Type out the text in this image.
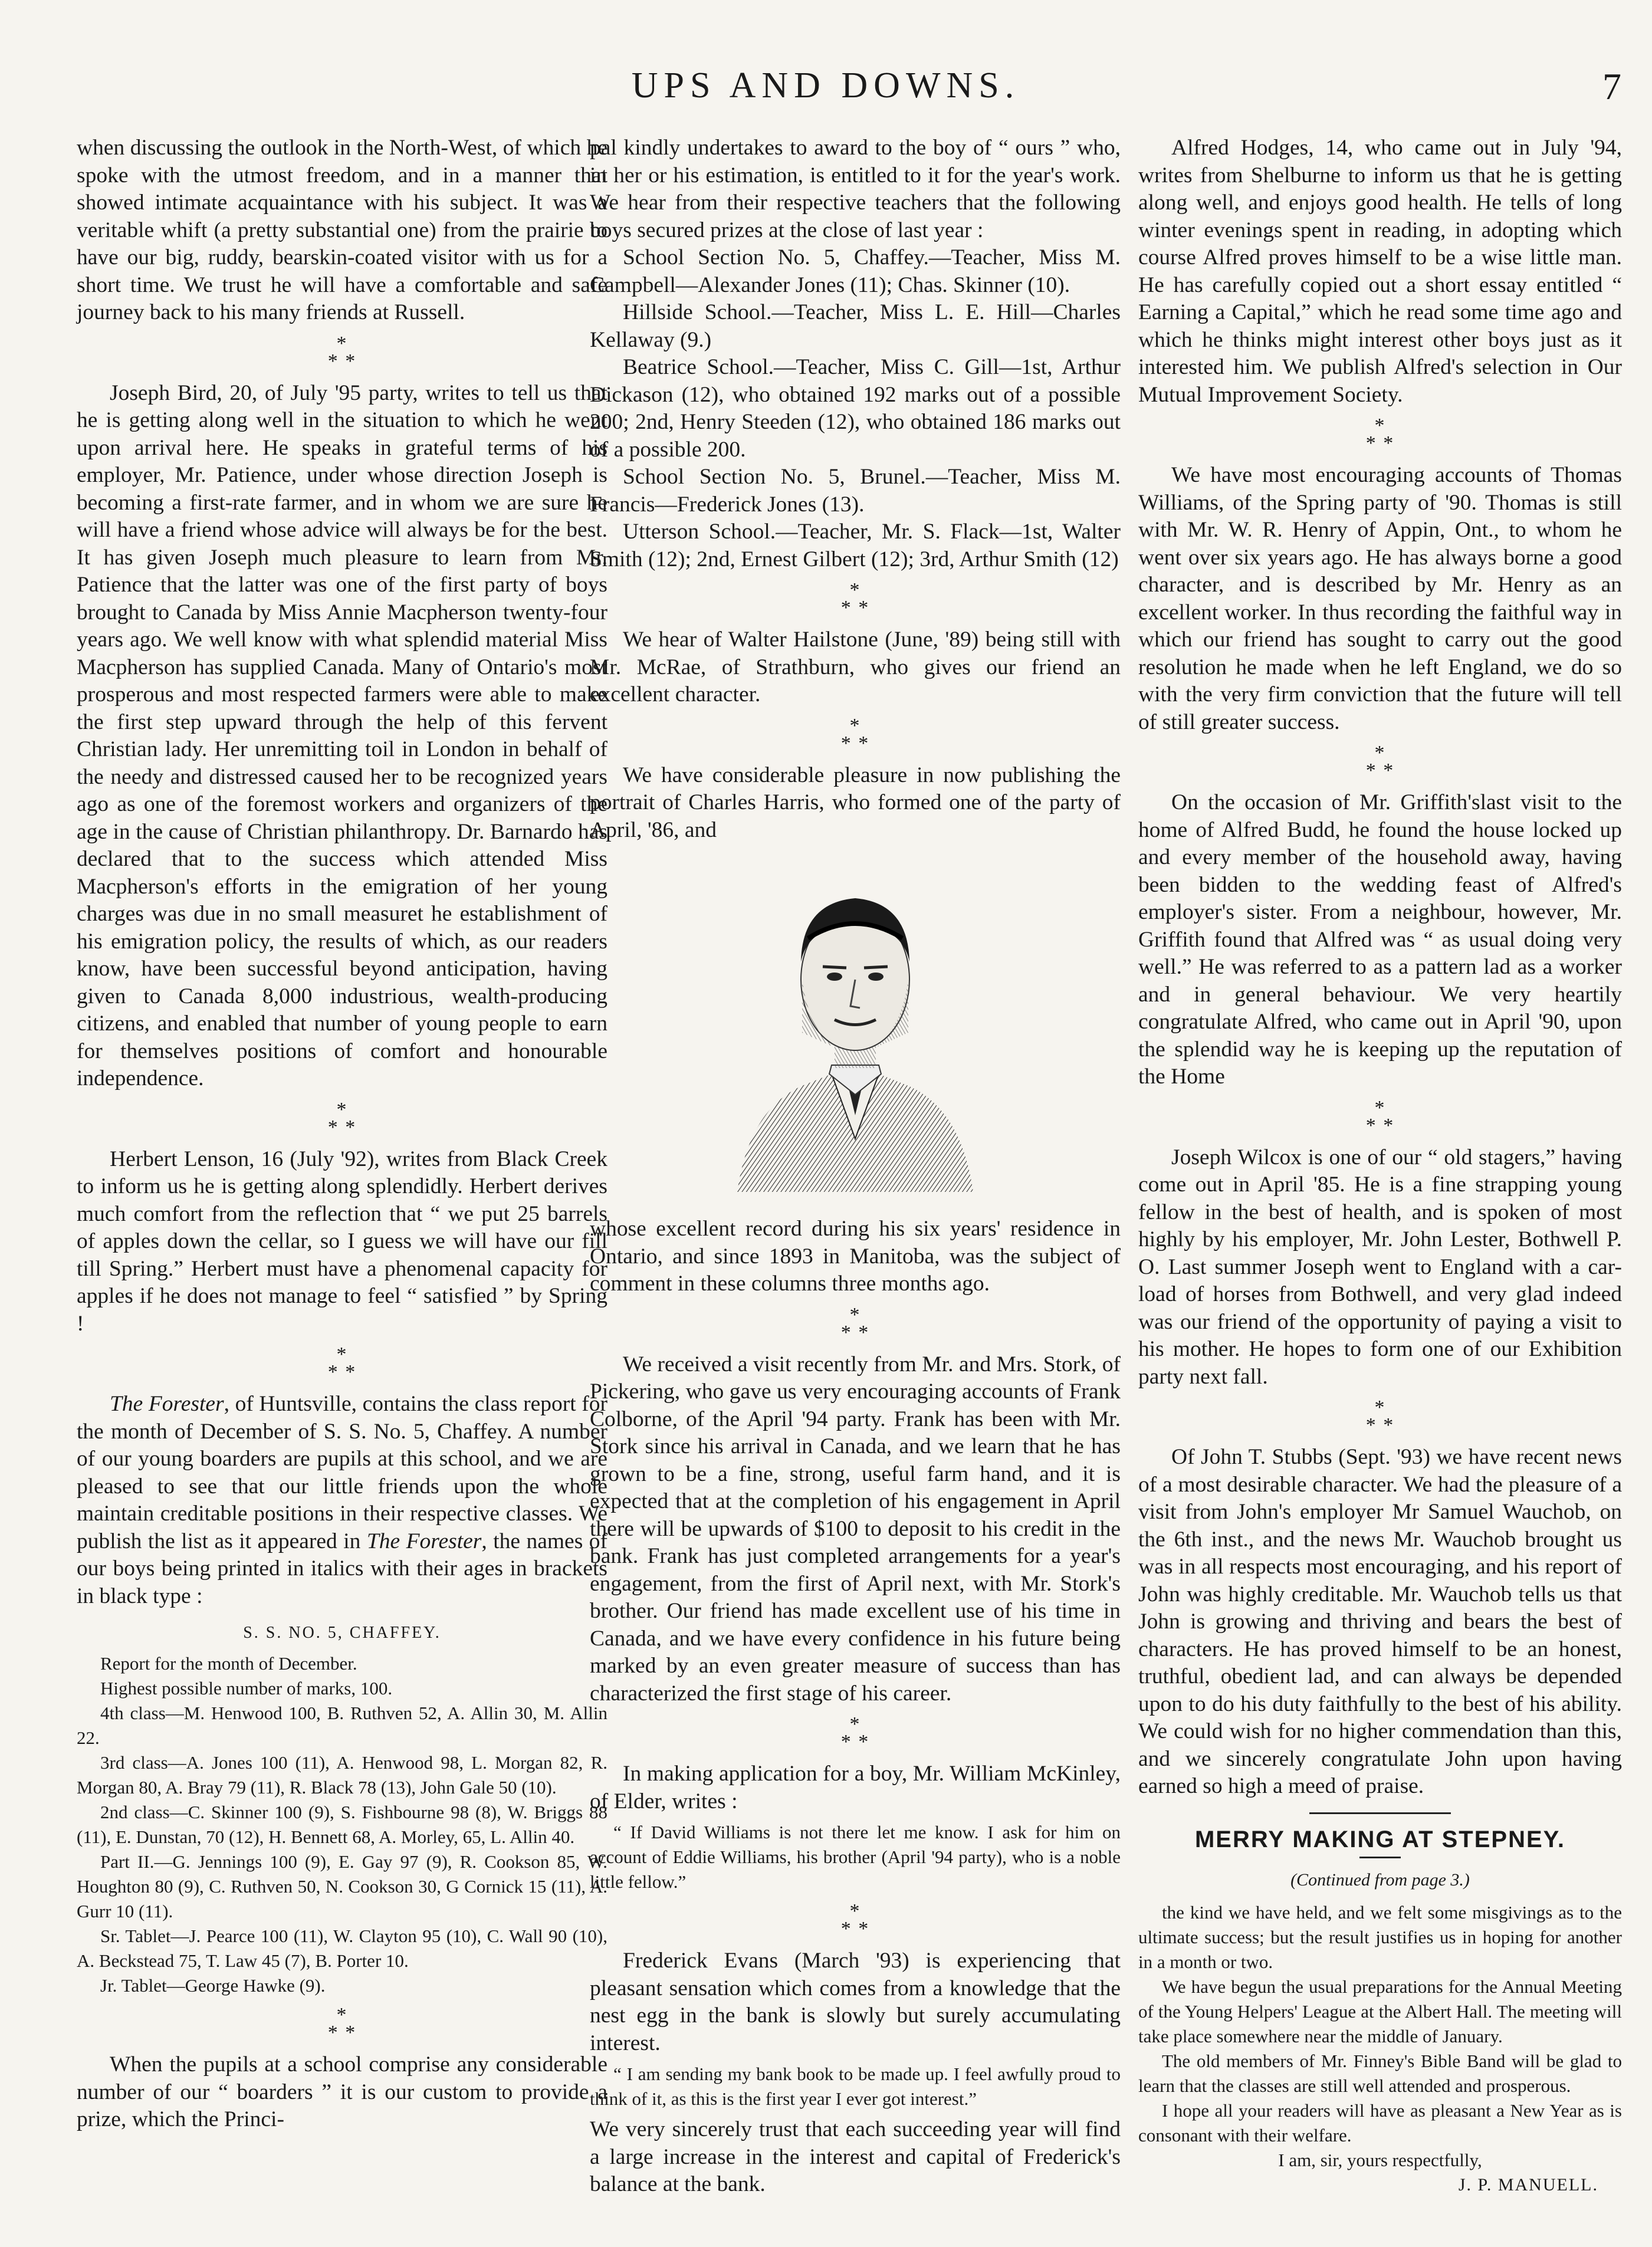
UPS AND DOWNS.	7

when discussing the outlook in the North-West, of which he spoke with the utmost freedom, and in a manner that showed intimate acquaintance with his subject. It was a veritable whift (a pretty substantial one) from the prairie to have our big, ruddy, bearskin-coated visitor with us for a short time. We trust he will have a comfortable and safe journey back to his many friends at Russell.

*
* *

Joseph Bird, 20, of July '95 party, writes to tell us that he is getting along well in the situation to which he went upon arrival here. He speaks in grateful terms of his employer, Mr. Patience, under whose direction Joseph is becoming a first-rate farmer, and in whom we are sure he will have a friend whose advice will always be for the best. It has given Joseph much pleasure to learn from Mr. Patience that the latter was one of the first party of boys brought to Canada by Miss Annie Macpherson twenty-four years ago. We well know with what splendid material Miss Macpherson has supplied Canada. Many of Ontario's most prosperous and most respected farmers were able to make the first step upward through the help of this fervent Christian lady. Her unremitting toil in London in behalf of the needy and distressed caused her to be recognized years ago as one of the foremost workers and organizers of the age in the cause of Christian philanthropy. Dr. Barnardo has declared that to the success which attended Miss Macpherson's efforts in the emigration of her young charges was due in no small measuret he establishment of his emigration policy, the results of which, as our readers know, have been successful beyond anticipation, having given to Canada 8,000 industrious, wealth-producing citizens, and enabled that number of young people to earn for themselves positions of comfort and honourable independence.

*
* *

Herbert Lenson, 16 (July '92), writes from Black Creek to inform us he is getting along splendidly. Herbert derives much comfort from the reflection that “ we put 25 barrels of apples down the cellar, so I guess we will have our fill till Spring.” Herbert must have a phenomenal capacity for apples if he does not manage to feel “ satisfied ” by Spring !

*
* *

The Forester, of Huntsville, contains the class report for the month of December of S. S. No. 5, Chaffey. A number of our young boarders are pupils at this school, and we are pleased to see that our little friends upon the whole maintain creditable positions in their respective classes. We publish the list as it appeared in The Forester, the names of our boys being printed in italics with their ages in brackets in black type :

S. S. NO. 5, CHAFFEY.

Report for the month of December.

Highest possible number of marks, 100.

4th class—M. Henwood 100, B. Ruthven 52, A. Allin 30, M. Allin 22.

3rd class—A. Jones 100 (11), A. Henwood 98, L. Morgan 82, R. Morgan 80, A. Bray 79 (11), R. Black 78 (13), John Gale 50 (10).

2nd class—C. Skinner 100 (9), S. Fishbourne 98 (8), W. Briggs 88 (11), E. Dunstan, 70 (12), H. Bennett 68, A. Morley, 65, L. Allin 40.

Part II.—G. Jennings 100 (9), E. Gay 97 (9), R. Cookson 85, W. Houghton 80 (9), C. Ruthven 50, N. Cookson 30, G Cornick 15 (11), A. Gurr 10 (11).

Sr. Tablet—J. Pearce 100 (11), W. Clayton 95 (10), C. Wall 90 (10), A. Beckstead 75, T. Law 45 (7), B. Porter 10.

Jr. Tablet—George Hawke (9).

*
* *

When the pupils at a school comprise any considerable number of our “ boarders ” it is our custom to provide a prize, which the Princi-

pal kindly undertakes to award to the boy of “ ours ” who, in her or his estimation, is entitled to it for the year's work. We hear from their respective teachers that the following boys secured prizes at the close of last year :

School Section No. 5, Chaffey.—Teacher, Miss M. Campbell—Alexander Jones (11); Chas. Skinner (10).

Hillside School.—Teacher, Miss L. E. Hill—Charles Kellaway (9.)

Beatrice School.—Teacher, Miss C. Gill—1st, Arthur Dickason (12), who obtained 192 marks out of a possible 200; 2nd, Henry Steeden (12), who obtained 186 marks out of a possible 200.

School Section No. 5, Brunel.—Teacher, Miss M. Francis—Frederick Jones (13).

Utterson School.—Teacher, Mr. S. Flack—1st, Walter Smith (12); 2nd, Ernest Gilbert (12); 3rd, Arthur Smith (12)

*
* *

We hear of Walter Hailstone (June, '89) being still with Mr. McRae, of Strathburn, who gives our friend an excellent character.

*
* *

We have considerable pleasure in now publishing the portrait of Charles Harris, who formed one of the party of April, '86, and

whose excellent record during his six years' residence in Ontario, and since 1893 in Manitoba, was the subject of comment in these columns three months ago.

*
* *

We received a visit recently from Mr. and Mrs. Stork, of Pickering, who gave us very encouraging accounts of Frank Colborne, of the April '94 party. Frank has been with Mr. Stork since his arrival in Canada, and we learn that he has grown to be a fine, strong, useful farm hand, and it is expected that at the completion of his engagement in April there will be upwards of $100 to deposit to his credit in the bank. Frank has just completed arrangements for a year's engagement, from the first of April next, with Mr. Stork's brother. Our friend has made excellent use of his time in Canada, and we have every confidence in his future being marked by an even greater measure of success than has characterized the first stage of his career.

*
* *

In making application for a boy, Mr. William McKinley, of Elder, writes :

“ If David Williams is not there let me know. I ask for him on account of Eddie Williams, his brother (April '94 party), who is a noble little fellow.”

*
* *

Frederick Evans (March '93) is experiencing that pleasant sensation which comes from a knowledge that the nest egg in the bank is slowly but surely accumulating interest.

“ I am sending my bank book to be made up. I feel awfully proud to think of it, as this is the first year I ever got interest.”

We very sincerely trust that each succeeding year will find a large increase in the interest and capital of Frederick's balance at the bank.

Alfred Hodges, 14, who came out in July '94, writes from Shelburne to inform us that he is getting along well, and enjoys good health. He tells of long winter evenings spent in reading, in adopting which course Alfred proves himself to be a wise little man. He has carefully copied out a short essay entitled “ Earning a Capital,” which he read some time ago and which he thinks might interest other boys just as it interested him. We publish Alfred's selection in Our Mutual Improvement Society.

*
* *

We have most encouraging accounts of Thomas Williams, of the Spring party of '90. Thomas is still with Mr. W. R. Henry of Appin, Ont., to whom he went over six years ago. He has always borne a good character, and is described by Mr. Henry as an excellent worker. In thus recording the faithful way in which our friend has sought to carry out the good resolution he made when he left England, we do so with the very firm conviction that the future will tell of still greater success.

*
* *

On the occasion of Mr. Griffith'slast visit to the home of Alfred Budd, he found the house locked up and every member of the household away, having been bidden to the wedding feast of Alfred's employer's sister. From a neighbour, however, Mr. Griffith found that Alfred was “ as usual doing very well.” He was referred to as a pattern lad as a worker and in general behaviour. We very heartily congratulate Alfred, who came out in April '90, upon the splendid way he is keeping up the reputation of the Home

*
* *

Joseph Wilcox is one of our “ old stagers,” having come out in April '85. He is a fine strapping young fellow in the best of health, and is spoken of most highly by his employer, Mr. John Lester, Bothwell P. O. Last summer Joseph went to England with a car-load of horses from Bothwell, and very glad indeed was our friend of the opportunity of paying a visit to his mother. He hopes to form one of our Exhibition party next fall.

*
* *

Of John T. Stubbs (Sept. '93) we have recent news of a most desirable character. We had the pleasure of a visit from John's employer Mr Samuel Wauchob, on the 6th inst., and the news Mr. Wauchob brought us was in all respects most encouraging, and his report of John was highly creditable. Mr. Wauchob tells us that John is growing and thriving and bears the best of characters. He has proved himself to be an honest, truthful, obedient lad, and can always be depended upon to do his duty faithfully to the best of his ability. We could wish for no higher commendation than this, and we sincerely congratulate John upon having earned so high a meed of praise.

MERRY MAKING AT STEPNEY.
(Continued from page 3.)

the kind we have held, and we felt some misgivings as to the ultimate success; but the result justifies us in hoping for another in a month or two.

We have begun the usual preparations for the Annual Meeting of the Young Helpers' League at the Albert Hall. The meeting will take place somewhere near the middle of January.

The old members of Mr. Finney's Bible Band will be glad to learn that the classes are still well attended and prosperous.

I hope all your readers will have as pleasant a New Year as is consonant with their welfare.

I am, sir, yours respectfully,
J. P. MANUELL.
